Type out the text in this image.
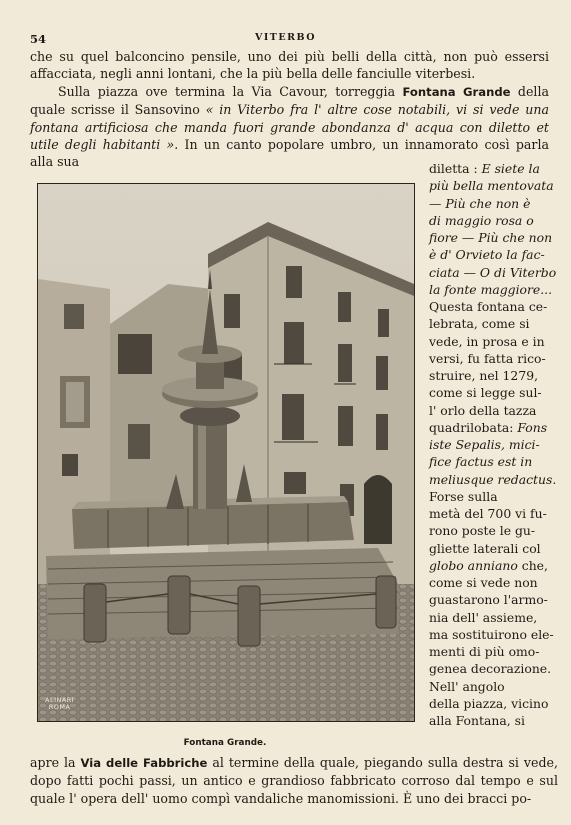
54	VITERBO

che su quel balconcino pensile, uno dei più belli della città, non può essersi affacciata, negli anni lontani, che la più bella delle fanciulle viterbesi.

Sulla piazza ove termina la Via Cavour, torreggia Fontana Grande della quale scrisse il Sansovino « in Viterbo fra l' altre cose notabili, vi si vede una fontana artificiosa che manda fuori grande abondanza d' acqua con diletto et utile degli habitanti ». In un canto popolare umbro, un innamorato così parla alla sua

ALINARI
ROMA
Fontana Grande.
diletta : E siete la
più bella mentovata
— Più che non è
di maggio rosa o
fiore — Più che non
è d' Orvieto la fac-
ciata — O di Viterbo
la fonte maggiore...
Questa fontana ce-
lebrata, come si
vede, in prosa e in
versi, fu fatta rico-
struire, nel 1279,
come si legge sul-
l' orlo della tazza
quadrilobata: Fons
iste Sepalis, mici-
fice factus est in
meliusque redactus.
Forse sulla
metà del 700 vi fu-
rono poste le gu-
gliette laterali col
globo anniano che,
come si vede non
guastarono l'armo-
nia dell' assieme,
ma sostituirono ele-
menti di più omo-
genea decorazione.
Nell' angolo
della piazza, vicino
alla Fontana, si

apre la Via delle Fabbriche al termine della quale, piegando sulla destra si vede, dopo fatti pochi passi, un antico e grandioso fabbricato corroso dal tempo e sul quale l' opera dell' uomo compì vandaliche manomissioni. È uno dei bracci po-
